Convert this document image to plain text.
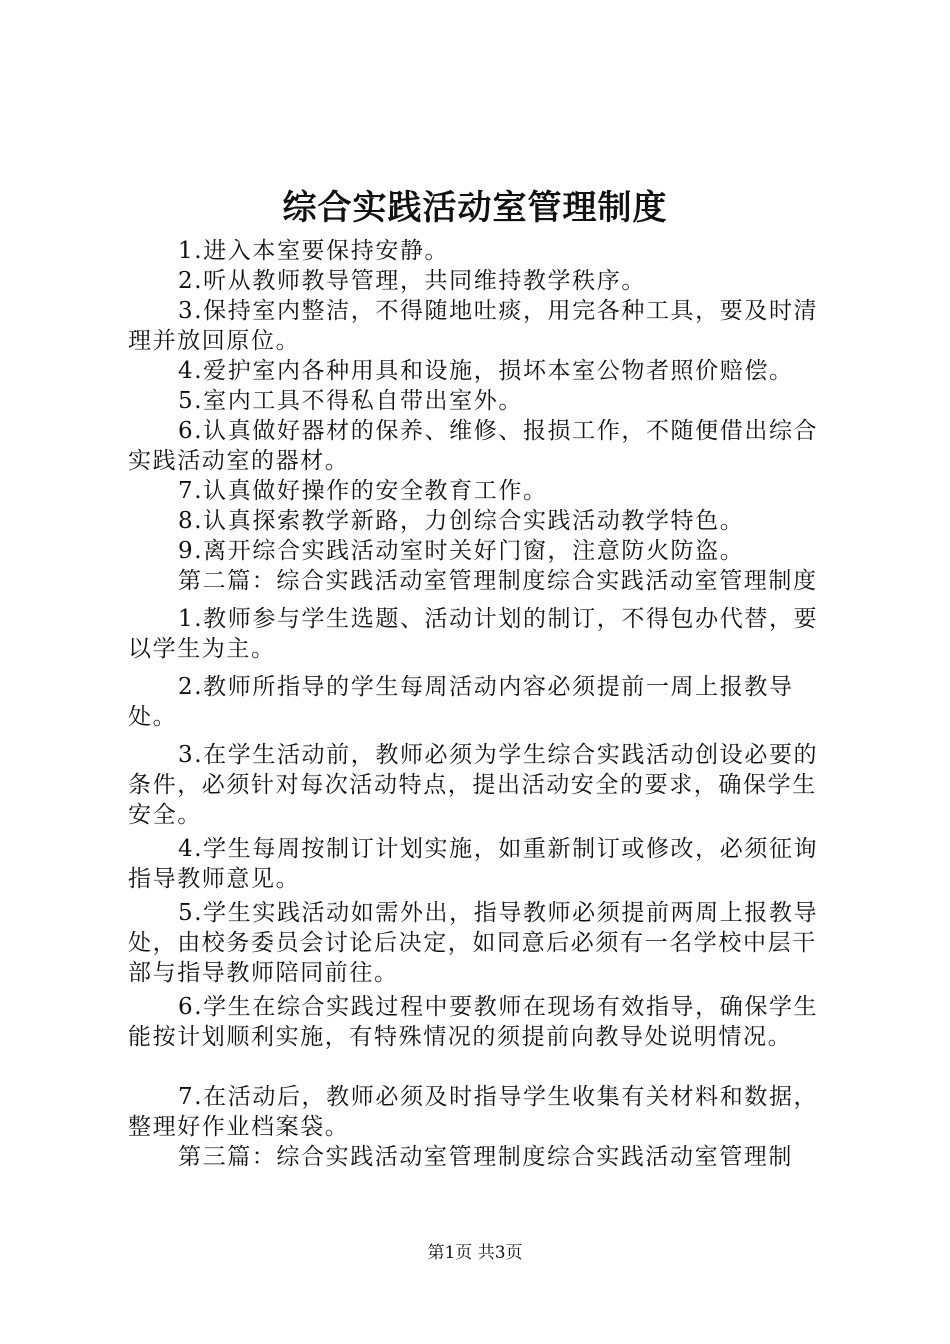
综合实践活动室管理制度

1.进入本室要保持安静。

2.听从教师教导管理，共同维持教学秩序。

3.保持室内整洁，不得随地吐痰，用完各种工具，要及时清理并放回原位。

4.爱护室内各种用具和设施，损坏本室公物者照价赔偿。

5.室内工具不得私自带出室外。

6.认真做好器材的保养、维修、报损工作，不随便借出综合实践活动室的器材。

7.认真做好操作的安全教育工作。

8.认真探索教学新路，力创综合实践活动教学特色。

9.离开综合实践活动室时关好门窗，注意防火防盗。

第二篇：综合实践活动室管理制度综合实践活动室管理制度

1.教师参与学生选题、活动计划的制订，不得包办代替，要以学生为主。

2.教师所指导的学生每周活动内容必须提前一周上报教导处。

3.在学生活动前，教师必须为学生综合实践活动创设必要的条件，必须针对每次活动特点，提出活动安全的要求，确保学生安全。

4.学生每周按制订计划实施，如重新制订或修改，必须征询指导教师意见。

5.学生实践活动如需外出，指导教师必须提前两周上报教导处，由校务委员会讨论后决定，如同意后必须有一名学校中层干部与指导教师陪同前往。

6.学生在综合实践过程中要教师在现场有效指导，确保学生能按计划顺利实施，有特殊情况的须提前向教导处说明情况。

7.在活动后，教师必须及时指导学生收集有关材料和数据，整理好作业档案袋。

第三篇：综合实践活动室管理制度综合实践活动室管理制

第1页 共3页
